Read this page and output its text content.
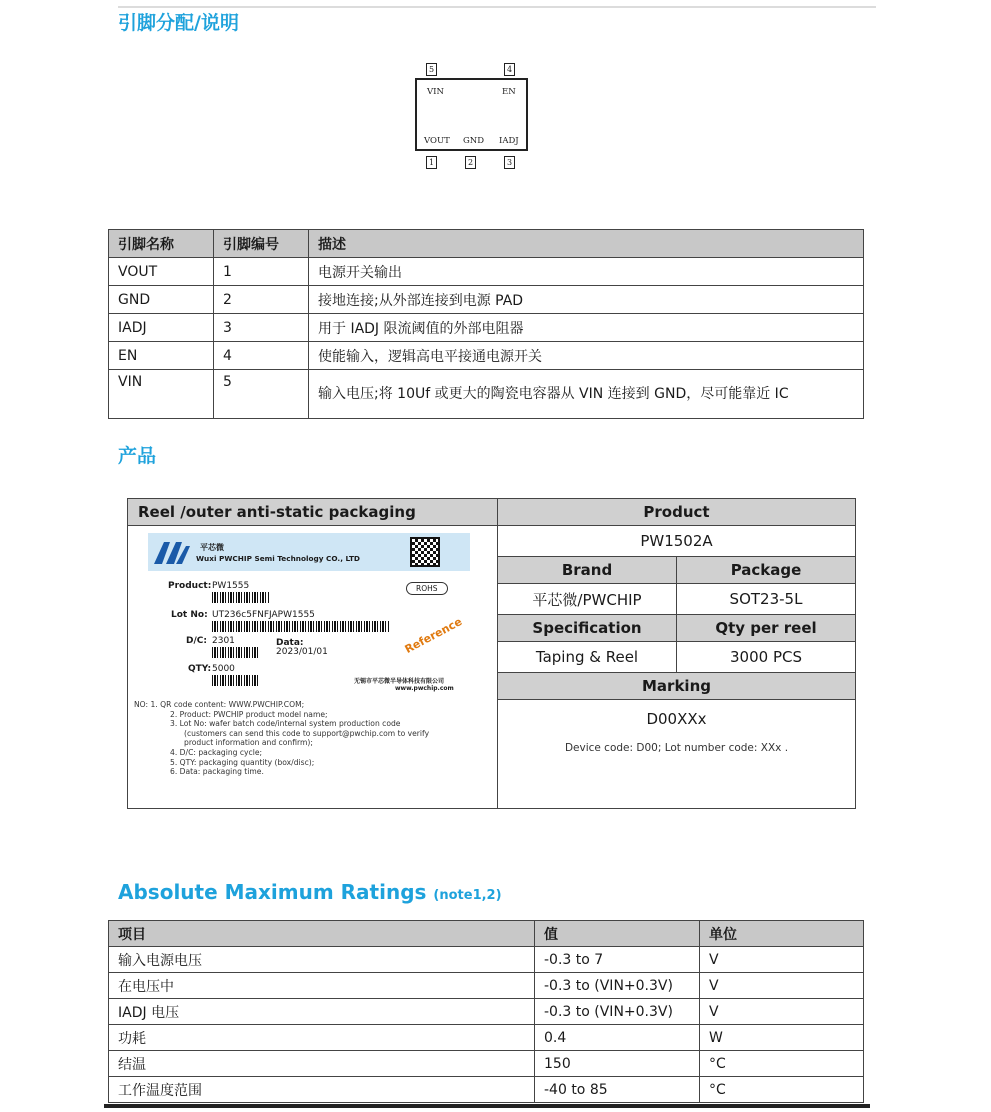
引脚分配/说明
5	4
1	2	3
VIN	EN
VOUT GND IADJ
引脚名称	引脚编号	描述
VOUT	1	电源开关输出
GND	2	接地连接;从外部连接到电源 PAD
IADJ	3	用于 IADJ 限流阈值的外部电阻器
EN	4	使能输入，逻辑高电平接通电源开关
VIN	5	输入电压;将 10Uf 或更大的陶瓷电容器从 VIN 连接到 GND，尽可能靠近 IC
产品
Reel /outer anti-static packaging	Product	
	PW1502A	
	Brand	Package
	平芯微/PWCHIP	SOT23-5L
	Specification	Qty per reel
	Taping & Reel	3000 PCS
	Marking	

	D00XXx
Device code: D00; Lot number code: XXx .	
平芯微
Wuxi PWCHIP Semi Technology CO., LTD
Product: PW1555	ROHS
Lot No: UT236c5FNFJAPW1555
D/C: 2301	Data:
2023/01/01	Reference
QTY: 5000
无锡市平芯微半导体科技有限公司
www.pwchip.com
NO: 1. QR code content: WWW.PWCHIP.COM;
2. Product: PWCHIP product model name;
3. Lot No: wafer batch code/internal system production code
(customers can send this code to support@pwchip.com to verify
product information and confirm);
4. D/C: packaging cycle;
5. QTY: packaging quantity (box/disc);
6. Data: packaging time.
Absolute Maximum Ratings (note1,2)
项目	值	单位
输入电源电压	-0.3 to 7	V
在电压中	-0.3 to (VIN+0.3V)	V
IADJ 电压	-0.3 to (VIN+0.3V)	V
功耗	0.4	W
结温	150	°C
工作温度范围	-40 to 85	°C
